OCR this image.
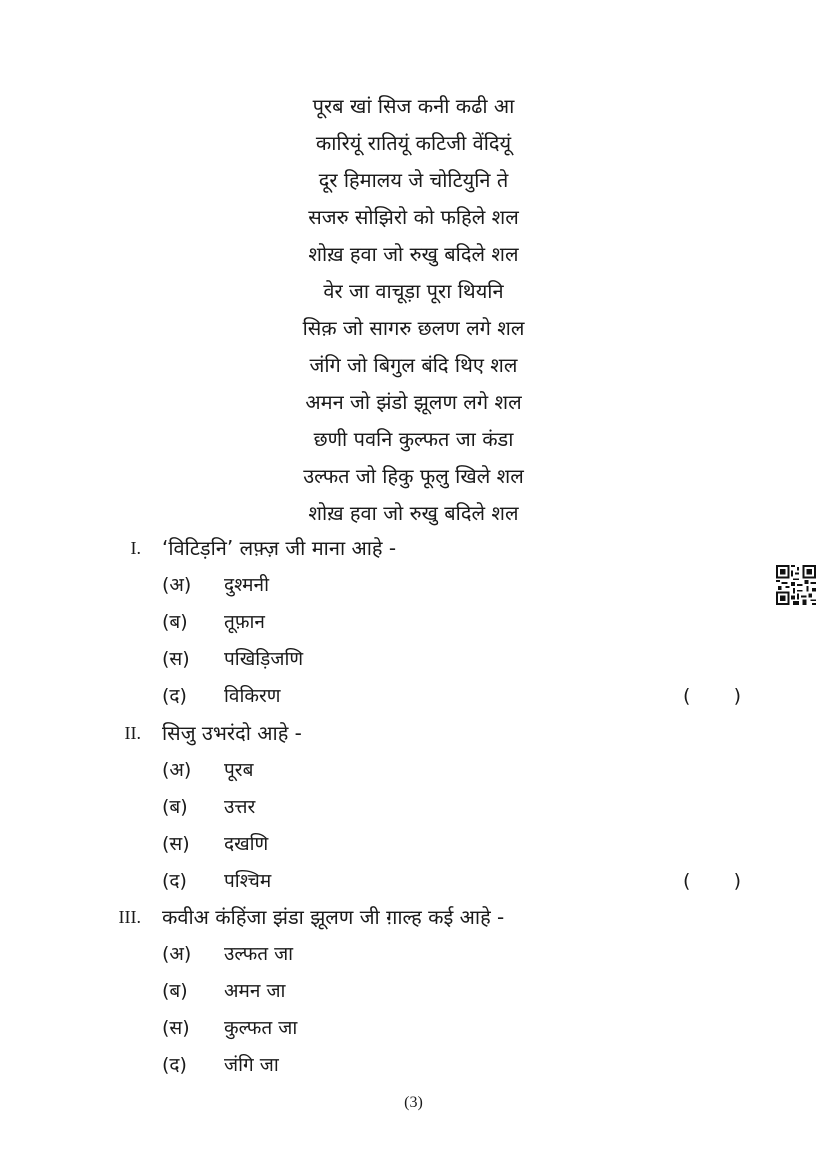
पूरब खां सिज कनी कढी आ
कारियूं रातियूं कटिजी वेंदियूं
दूर हिमालय जे चोटियुनि ते
सजरु सोझिरो को फहिले शल
शोख़ हवा जो रुखु बदिले शल
वेर जा वाचूड़ा पूरा थियनि
सिक़ जो सागरु छलण लगे शल
जंगि जो बिगुल बंदि थिए शल
अमन जो झंडो झूलण लगे शल
छणी पवनि कुल्फत जा कंडा
उल्फत जो हिकु फूलु खिले शल
शोख़ हवा जो रुखु बदिले शल
I. ‘विटिड़नि’ लफ़्ज़ जी माना आहे -
(अ) दुश्मनी
(ब) तूफ़ान
(स) पखिड़िजणि
(द) विकिरण	( )
II. सिजु उभरंदो आहे -
(अ) पूरब
(ब) उत्तर
(स) दखणि
(द) पश्चिम	( )
III. कवीअ कंहिंजा झंडा झूलण जी ग़ाल्ह कई आहे -
(अ) उल्फत जा
(ब) अमन जा
(स) कुल्फत जा
(द) जंगि जा
(3)
